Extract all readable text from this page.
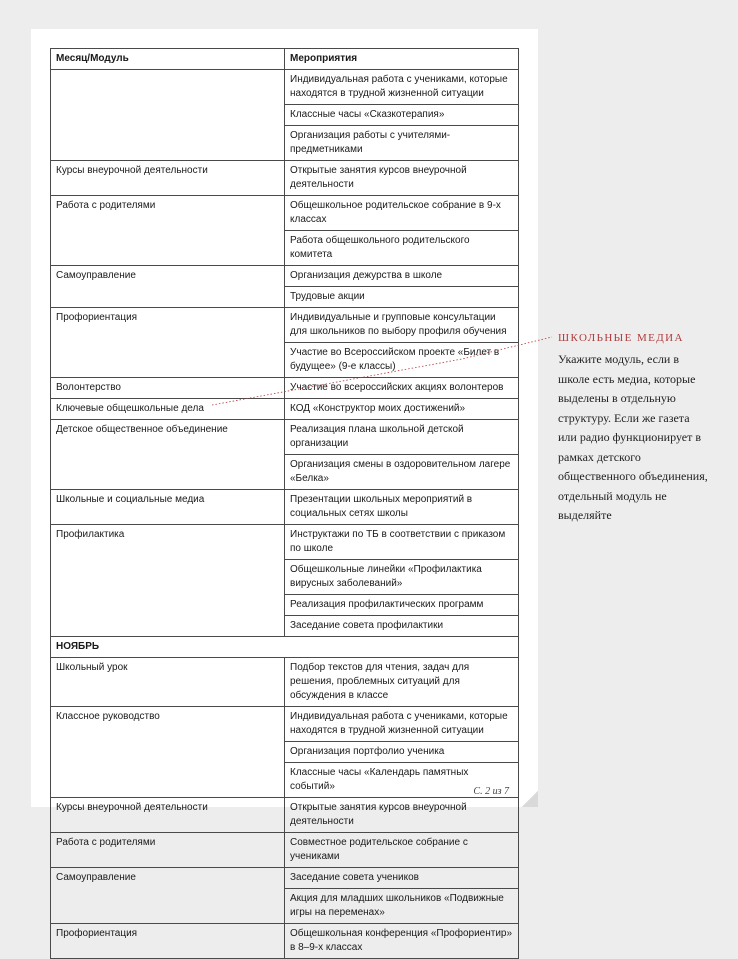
Месяц/Модуль	Мероприятия
	Индивидуальная работа с учениками, которые находятся в трудной жизненной ситуации
	Классные часы «Сказкотерапия»
	Организация работы с учителями-предметниками
Курсы внеурочной деятельности	Открытые занятия курсов внеурочной деятельности
Работа с родителями	Общешкольное родительское собрание в 9-х классах
	Работа общешкольного родительского комитета
Самоуправление	Организация дежурства в школе
	Трудовые акции
Профориентация	Индивидуальные и групповые консультации для школьников по выбору профиля обучения
	Участие во Всероссийском проекте «Билет в будущее» (9-е классы)
Волонтерство	Участие во всероссийских акциях волонтеров
Ключевые общешкольные дела	КОД «Конструктор моих достижений»
Детское общественное объединение	Реализация плана школьной детской организации
	Организация смены в оздоровительном лагере «Белка»
Школьные и социальные медиа	Презентации школьных мероприятий в социальных сетях школы
Профилактика	Инструктажи по ТБ в соответствии с приказом по школе
	Общешкольные линейки «Профилактика вирусных заболеваний»
	Реализация профилактических программ
	Заседание совета профилактики
НОЯБРЬ	
Школьный урок	Подбор текстов для чтения, задач для решения, проблемных ситуаций для обсуждения в классе
Классное руководство	Индивидуальная работа с учениками, которые находятся в трудной жизненной ситуации
	Организация портфолио ученика
	Классные часы «Календарь памятных событий»
Курсы внеурочной деятельности	Открытые занятия курсов внеурочной деятельности
Работа с родителями	Совместное родительское собрание с учениками
Самоуправление	Заседание совета учеников
	Акция для младших школьников «Подвижные игры на переменах»
Профориентация	Общешкольная конференция «Профориентир» в 8–9-х классах
С. 2 из 7
ШКОЛЬНЫЕ МЕДИА
Укажите модуль, если в школе есть медиа, которые выделены в отдельную структуру. Если же газета или радио функционирует в рамках детского общественного объединения, отдельный модуль не выделяйте
